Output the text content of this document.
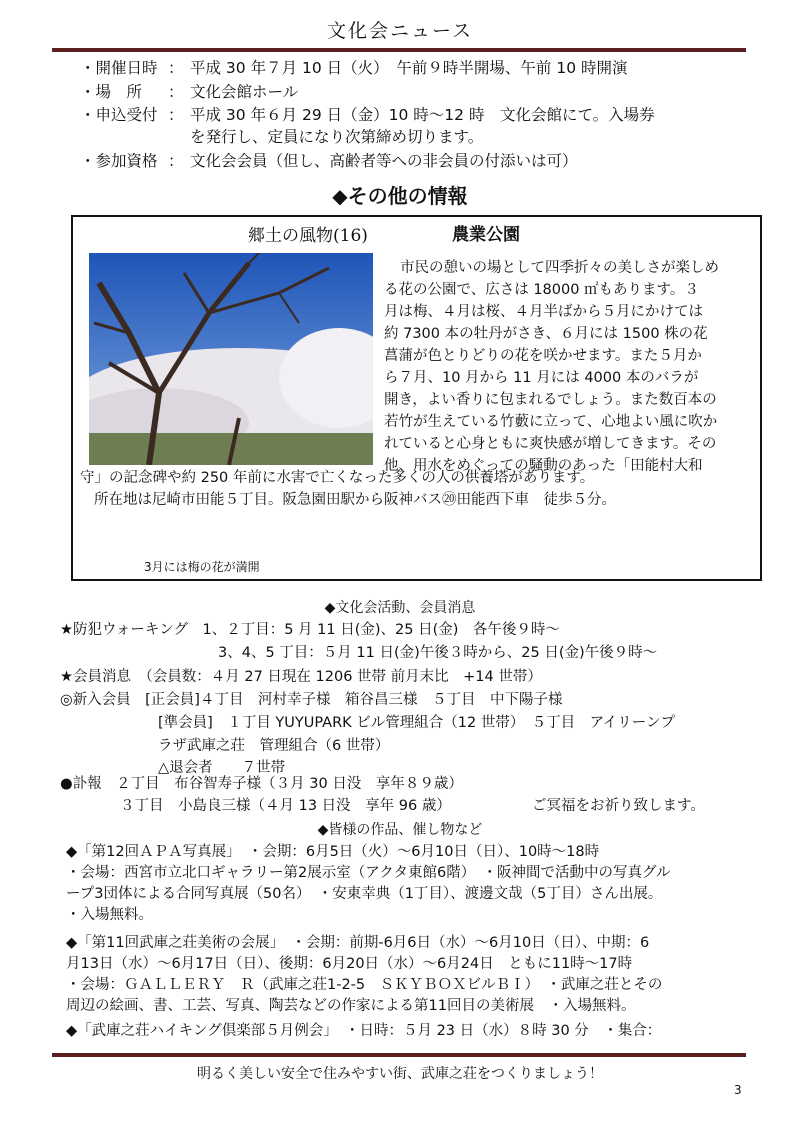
文化会ニュース
・開催日時 ： 平成 30 年７月 10 日（火）　午前９時半開場、午前 10 時開演
・場　所 ： 文化会館ホール
・申込受付 ： 平成 30 年６月 29 日（金）10 時～12 時　文化会館にて。入場券
を発行し、定員になり次第締め切ります。
・参加資格 ： 文化会会員（但し、高齢者等への非会員の付添いは可）
◆その他の情報
郷土の風物(16)	農業公園
市民の憩いの場として四季折々の美しさが楽しめ
る花の公園で、広さは 18000 ㎡もあります。３
月は梅、４月は桜、４月半ばから５月にかけては
約 7300 本の牡丹がさき、６月には 1500 株の花
菖蒲が色とりどりの花を咲かせます。また５月か
ら７月、10 月から 11 月には 4000 本のバラが
開き，よい香りに包まれるでしょう。また数百本の
若竹が生えている竹藪に立って、心地よい風に吹か
れていると心身ともに爽快感が増してきます。その
他、用水をめぐっての騒動のあった「田能村大和
守」の記念碑や約 250 年前に水害で亡くなった多くの人の供養塔があります。
所在地は尼崎市田能５丁目。阪急園田駅から阪神バス⑳田能西下車　徒歩５分。
3月には梅の花が満開
◆文化会活動、会員消息
★防犯ウォーキング　1、２丁目：5 月 11 日(金)、25 日(金)　各午後９時～
3、4、5 丁目：５月 11 日(金)午後３時から、25 日(金)午後９時～
★会員消息　（会員数：４月 27 日現在 1206 世帯 前月末比　+14 世帯）
◎新入会員　[正会員]４丁目　河村幸子様　箱谷昌三様　５丁目　中下陽子様
[準会員]　１丁目 YUYUPARK ビル管理組合（12 世帯）　５丁目　アイリーンプ
ラザ武庫之荘　管理組合（6 世帯）
△退会者　　７世帯
●訃報　２丁目　布谷智寿子様（３月 30 日没　享年８９歳）
３丁目　小島良三様（４月 13 日没　享年 96 歳）	ご冥福をお祈り致します。
◆皆様の作品、催し物など
◆「第12回ＡＰＡ写真展」　・会期：6月5日（火）～6月10日（日）、10時～18時
・会場：西宮市立北口ギャラリー第2展示室（アクタ東館6階）　・阪神間で活動中の写真グル
ープ3団体による合同写真展（50名）　・安東幸典（1丁目）、渡邊文哉（5丁目）さん出展。
・入場無料。
◆「第11回武庫之荘美術の会展」　・会期：前期-6月6日（水）～6月10日（日）、中期：6
月13日（水）～6月17日（日）、後期：6月20日（水）～6月24日　ともに11時～17時
・会場：ＧＡＬＬＥＲＹ　Ｒ（武庫之荘1-2-5　ＳＫＹＢＯＸビルＢＩ）　・武庫之荘とその
周辺の絵画、書、工芸、写真、陶芸などの作家による第11回目の美術展　・入場無料。
◆「武庫之荘ハイキング倶楽部５月例会」　・日時：５月 23 日（水）８時 30 分　・集合：
明るく美しい安全で住みやすい街、武庫之荘をつくりましょう！
3
